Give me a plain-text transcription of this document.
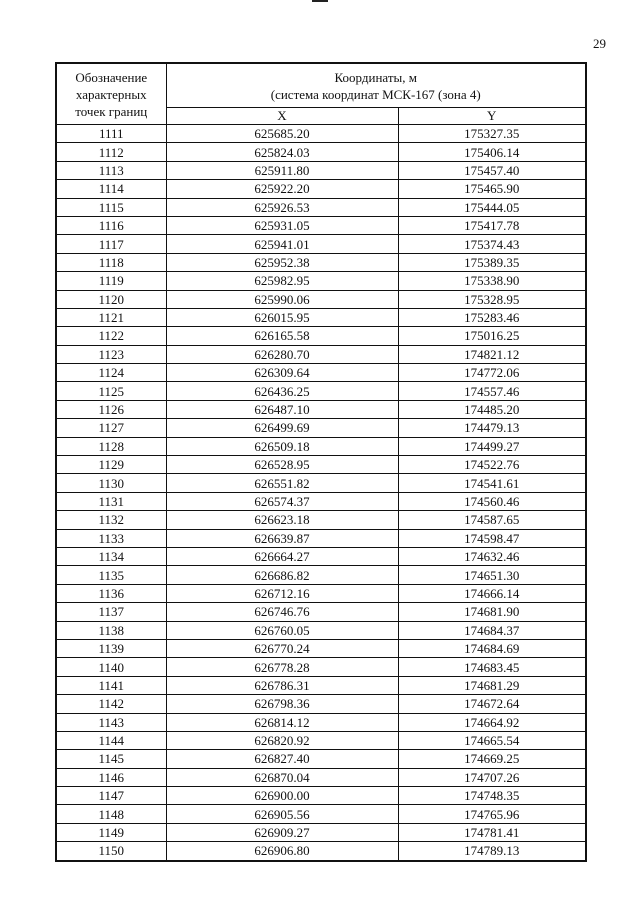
29
Обозначение
характерных
точек границ	Координаты, м
(система координат МСК-167 (зона 4)	

	X	Y
1111	625685.20	175327.35
1112	625824.03	175406.14
1113	625911.80	175457.40
1114	625922.20	175465.90
1115	625926.53	175444.05
1116	625931.05	175417.78
1117	625941.01	175374.43
1118	625952.38	175389.35
1119	625982.95	175338.90
1120	625990.06	175328.95
1121	626015.95	175283.46
1122	626165.58	175016.25
1123	626280.70	174821.12
1124	626309.64	174772.06
1125	626436.25	174557.46
1126	626487.10	174485.20
1127	626499.69	174479.13
1128	626509.18	174499.27
1129	626528.95	174522.76
1130	626551.82	174541.61
1131	626574.37	174560.46
1132	626623.18	174587.65
1133	626639.87	174598.47
1134	626664.27	174632.46
1135	626686.82	174651.30
1136	626712.16	174666.14
1137	626746.76	174681.90
1138	626760.05	174684.37
1139	626770.24	174684.69
1140	626778.28	174683.45
1141	626786.31	174681.29
1142	626798.36	174672.64
1143	626814.12	174664.92
1144	626820.92	174665.54
1145	626827.40	174669.25
1146	626870.04	174707.26
1147	626900.00	174748.35
1148	626905.56	174765.96
1149	626909.27	174781.41
1150	626906.80	174789.13
